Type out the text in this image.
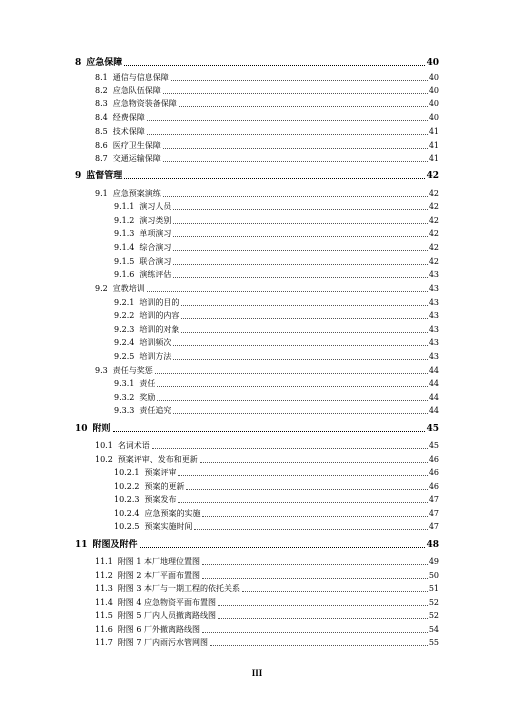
8 应急保障	40
8.1 通信与信息保障	40
8.2 应急队伍保障	40
8.3 应急物资装备保障	40
8.4 经费保障	40
8.5 技术保障	41
8.6 医疗卫生保障	41
8.7 交通运输保障	41
9 监督管理	42
9.1 应急预案演练	42
9.1.1 演习人员	42
9.1.2 演习类别	42
9.1.3 单项演习	42
9.1.4 综合演习	42
9.1.5 联合演习	42
9.1.6 演练评估	43
9.2 宣教培训	43
9.2.1 培训的目的	43
9.2.2 培训的内容	43
9.2.3 培训的对象	43
9.2.4 培训频次	43
9.2.5 培训方法	43
9.3 责任与奖惩	44
9.3.1 责任	44
9.3.2 奖励	44
9.3.3 责任追究	44
10 附则	45
10.1 名词术语	45
10.2 预案评审、发布和更新	46
10.2.1 预案评审	46
10.2.2 预案的更新	46
10.2.3 预案发布	47
10.2.4 应急预案的实施	47
10.2.5 预案实施时间	47
11 附图及附件	48
11.1 附图 1 本厂地理位置图	49
11.2 附图 2 本厂平面布置图	50
11.3 附图 3 本厂与一期工程的依托关系	51
11.4 附图 4 应急物资平面布置图	52
11.5 附图 5 厂内人员撤离路线图	52
11.6 附图 6 厂外撤离路线图	54
11.7 附图 7 厂内雨污水管网图	55
III
